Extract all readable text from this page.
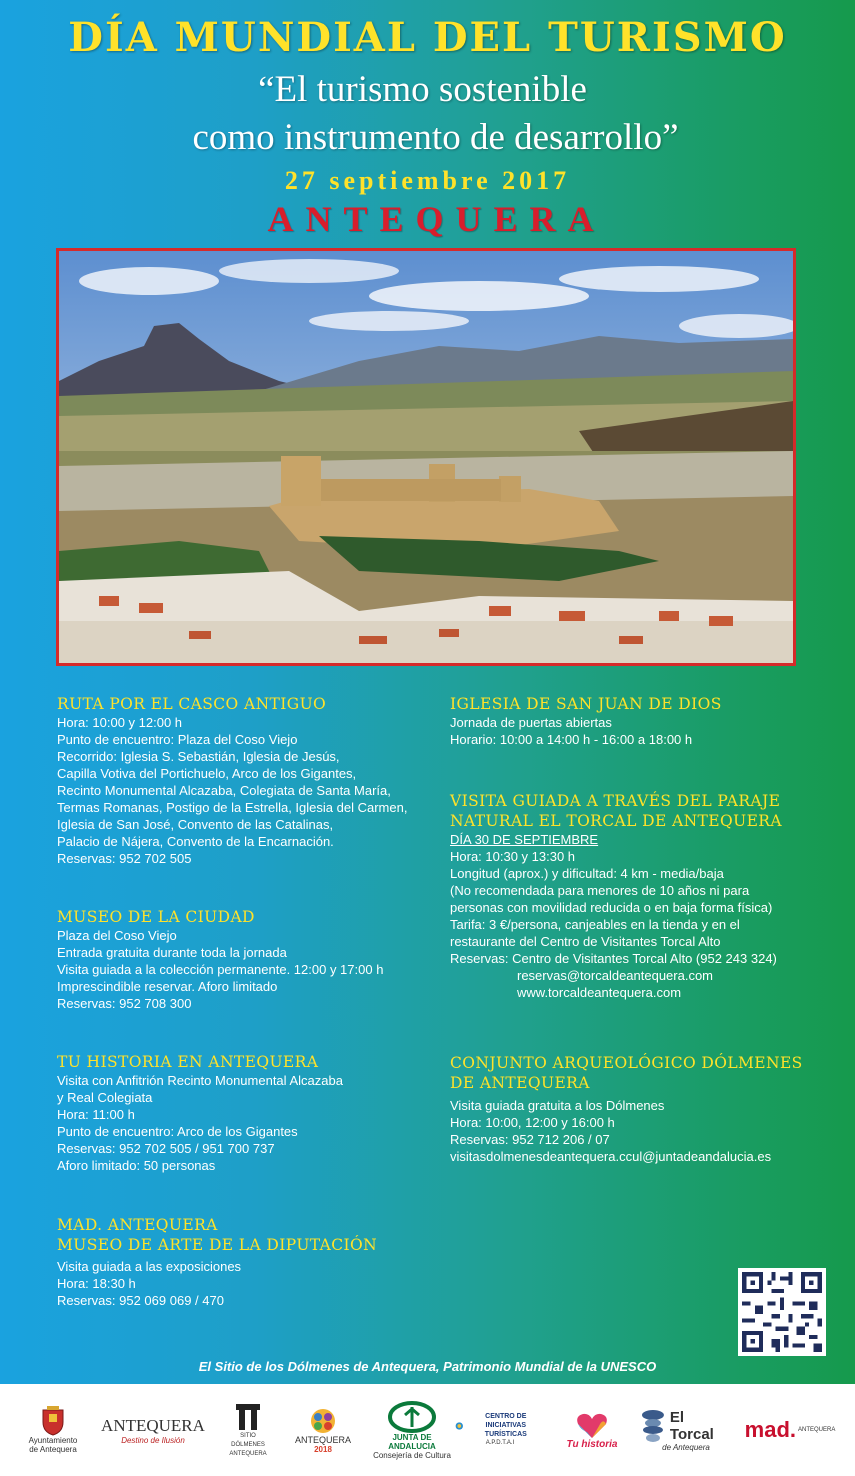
DÍA MUNDIAL DEL TURISMO
“El turismo sostenible
como instrumento de desarrollo”
27 septiembre 2017
ANTEQUERA
RUTA POR EL CASCO ANTIGUO
Hora: 10:00 y 12:00 h
Punto de encuentro: Plaza del Coso Viejo
Recorrido: Iglesia S. Sebastián, Iglesia de Jesús,
Capilla Votiva del Portichuelo, Arco de los Gigantes,
Recinto Monumental Alcazaba, Colegiata de Santa María,
Termas Romanas, Postigo de la Estrella, Iglesia del Carmen,
Iglesia de San José, Convento de las Catalinas,
Palacio de Nájera, Convento de la Encarnación.
Reservas: 952 702 505
MUSEO DE LA CIUDAD
Plaza del Coso Viejo
Entrada gratuita durante toda la jornada
Visita guiada a la colección permanente. 12:00 y 17:00 h
Imprescindible reservar. Aforo limitado
Reservas: 952 708 300
TU HISTORIA EN ANTEQUERA
Visita con Anfitrión Recinto Monumental Alcazaba
y Real Colegiata
Hora: 11:00 h
Punto de encuentro: Arco de los Gigantes
Reservas: 952 702 505 / 951 700 737
Aforo limitado: 50 personas
MAD. ANTEQUERA
MUSEO DE ARTE DE LA DIPUTACIÓN
Visita guiada a las exposiciones
Hora: 18:30 h
Reservas: 952 069 069 / 470
IGLESIA DE SAN JUAN DE DIOS
Jornada de puertas abiertas
Horario: 10:00 a 14:00 h - 16:00 a 18:00 h
VISITA GUIADA A TRAVÉS DEL PARAJE
NATURAL EL TORCAL DE ANTEQUERA
DÍA 30 DE SEPTIEMBRE
Hora: 10:30 y 13:30 h
Longitud (aprox.) y dificultad: 4 km - media/baja
(No recomendada para menores de 10 años ni para
personas con movilidad reducida o en baja forma física)
Tarifa: 3 €/persona, canjeables en la tienda y en el
restaurante del Centro de Visitantes Torcal Alto
Reservas: Centro de Visitantes Torcal Alto (952 243 324)
reservas@torcaldeantequera.com
www.torcaldeantequera.com
CONJUNTO ARQUEOLÓGICO DÓLMENES
DE ANTEQUERA
Visita guiada gratuita a los Dólmenes
Hora: 10:00, 12:00 y 16:00 h
Reservas: 952 712 206 / 07
visitasdolmenesdeantequera.ccul@juntadeandalucia.es
El Sitio de los Dólmenes de Antequera, Patrimonio Mundial de la UNESCO
Ayuntamiento de Antequera
ANTEQUERA
Destino de Ilusión	SITIO DÓLMENES ANTEQUERA
ANTEQUERA
2018
JUNTA DE ANDALUCIA
Consejería de Cultura
CENTRO DE INICIATIVAS TURÍSTICAS
A.P.D.T.A.I	Tu historia
El Torcal
de Antequera
mad. ANTEQUERA
